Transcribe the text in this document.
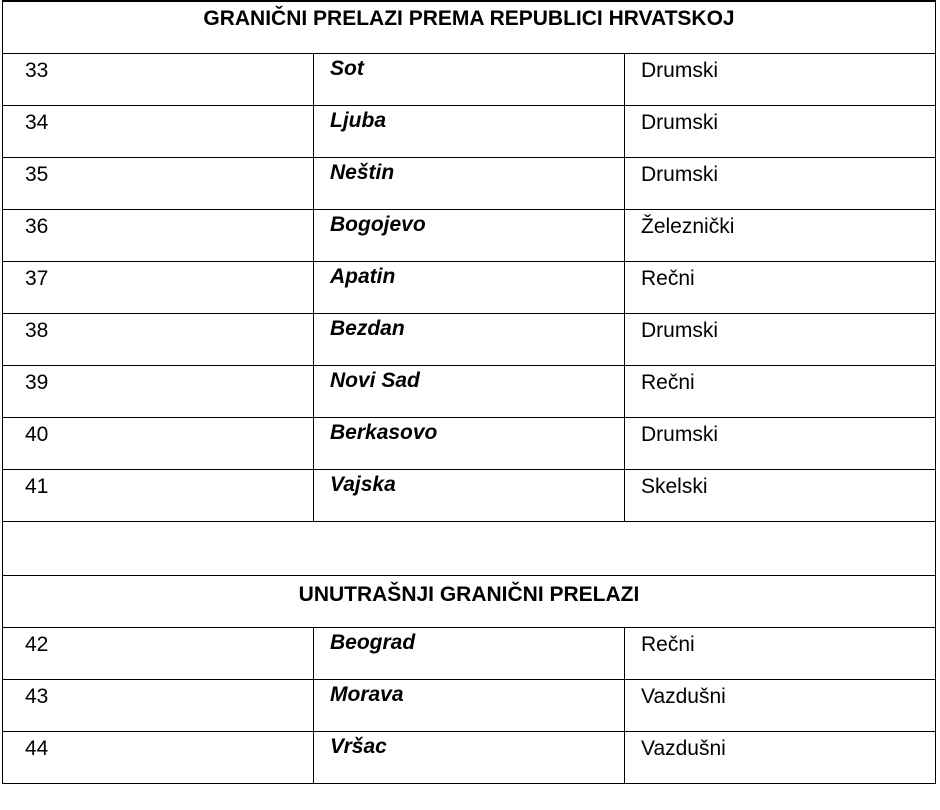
GRANIČNI PRELAZI PREMA REPUBLICI HRVATSKOJ		
33	Sot	Drumski
34	Ljuba	Drumski
35	Neštin	Drumski
36	Bogojevo	Železnički
37	Apatin	Rečni
38	Bezdan	Drumski
39	Novi Sad	Rečni
40	Berkasovo	Drumski
41	Vajska	Skelski

UNUTRAŠNJI GRANIČNI PRELAZI		
42	Beograd	Rečni
43	Morava	Vazdušni
44	Vršac	Vazdušni
